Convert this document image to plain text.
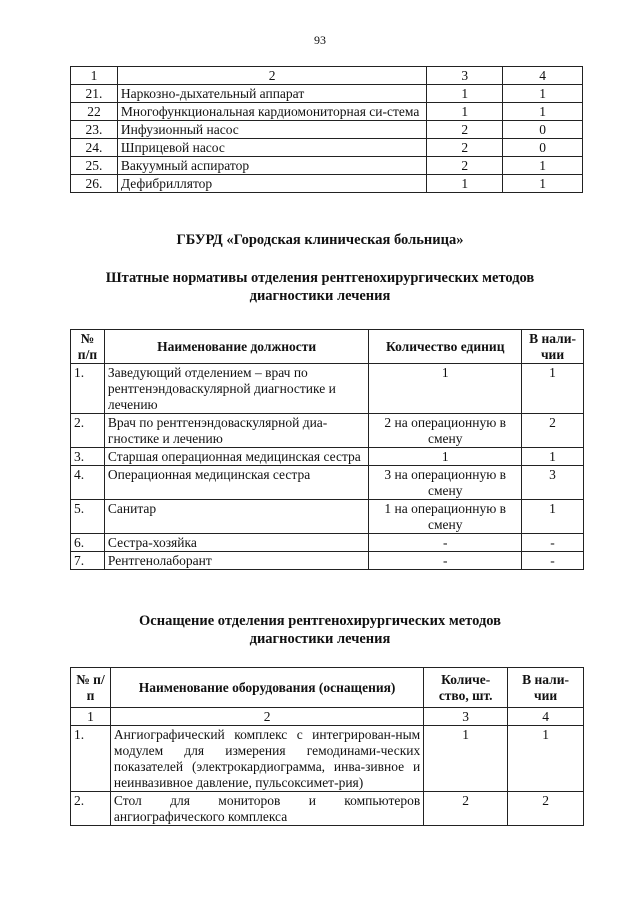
93
1	2	3	4
21.	Наркозно-дыхательный аппарат	1	1
22	Многофункциональная кардиомониторная си-стема	1	1
23.	Инфузионный насос	2	0
24.	Шприцевой насос	2	0
25.	Вакуумный аспиратор	2	1
26.	Дефибриллятор	1	1
ГБУРД «Городская клиническая больница»
Штатные нормативы отделения рентгенохирургических методов
диагностики лечения
№ п/п	Наименование должности	Количество единиц	В нали-чии
1.	Заведующий отделением – врач по рентгенэндоваскулярной диагностике и лечению	1	1
2.	Врач по рентгенэндоваскулярной диа-гностике и лечению	2 на операционную в смену	2
3.	Старшая операционная медицинская сестра	1	1
4.	Операционная медицинская сестра	3 на операционную в смену	3
5.	Санитар	1 на операционную в смену	1
6.	Сестра-хозяйка	-	-
7.	Рентгенолаборант	-	-
Оснащение отделения рентгенохирургических методов
диагностики лечения
№ п/п	Наименование оборудования (оснащения)	Количе-ство, шт.	В нали-чии
1	2	3	4
1.	Ангиографический комплекс с интегрирован-ным модулем для измерения гемодинами-ческих показателей (электрокардиограмма, инва-зивное и неинвазивное давление, пульсоксимет-рия)	1	1
2.	Стол для мониторов и компьютеров ангиографического комплекса	2	2
